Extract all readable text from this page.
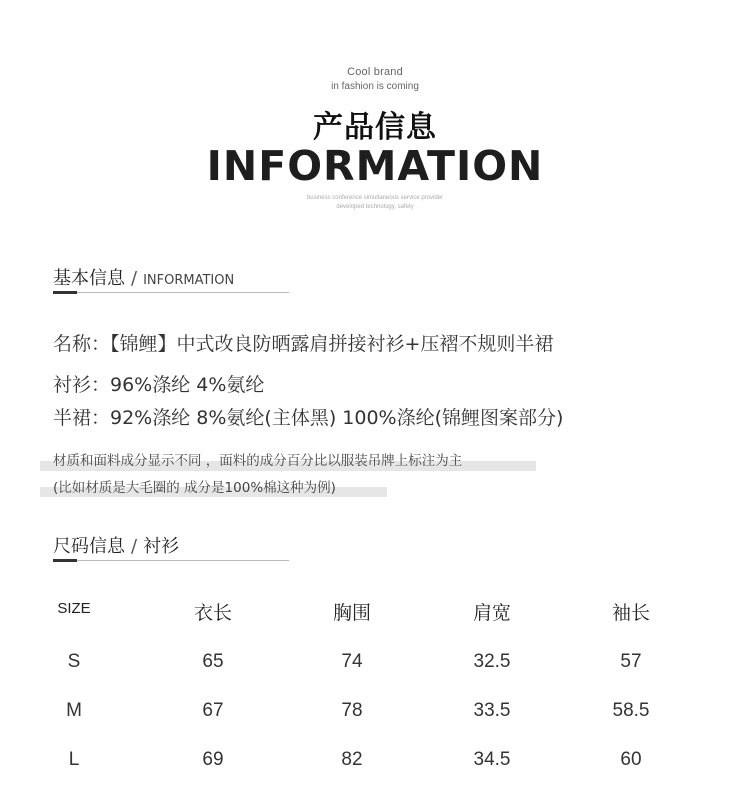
Cool brand
in fashion is coming
产品信息
INFORMATION
business conference simultaneous service provider
developed technology, safety
基本信息 / INFORMATION
名称：【锦鲤】中式改良防晒露肩拼接衬衫+压褶不规则半裙
衬衫：96%涤纶 4%氨纶
半裙：92%涤纶 8%氨纶(主体黑) 100%涤纶(锦鲤图案部分)
材质和面料成分显示不同 ，面料的成分百分比以服装吊牌上标注为主
(比如材质是大毛圈的 成分是100%棉这种为例)
尺码信息 / 衬衫
SIZE	衣长	胸围	肩宽	袖长
S	65	74	32.5	57
M	67	78	33.5	58.5
L	69	82	34.5	60
